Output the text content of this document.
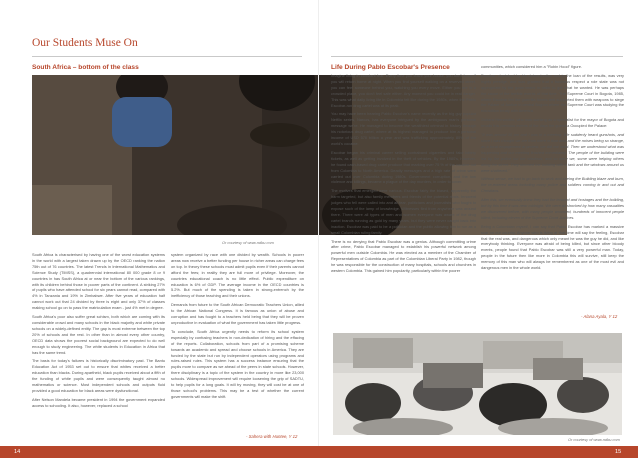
Our Students Muse On
South Africa – bottom of the class
Or courtesy of www.ndbu.com

South Africa is characterised by having one of the worst education systems in the world with a largest taken drawn up by the OECD ranking the nation 75th out of 76 countries. The latest Trends in International Mathematics and Science Study (TIMSS), a quadrennial international 80 000 grade 8 or 9 countries in has South Africa at or near the bottom of the various rankings, with its children behind those in poorer parts of the continent. A striking 27% of pupils who have attended school for six years cannot read, compared with 4% in Tanzania and 19% in Zimbabwe. After five years of education half cannot work out that 24 divided by three is eight and only 37% of classes making school go on to pass the matriculation exam - just 4% met in degree.

South Africa's poor also suffer great schism, both which are coming with its considerable crowd and many schools in the black majority and white private schools on a widely-defined entity. The gap is most extreme between the top 20% of schools and the rest. In other than in almost every other country, OECD data shows the poorest social background are expected to do well enough to study engineering. The white students in Education in Africa that has the same trend.

The basis for today's failures is historically discriminatory past. The Bantu Education Act of 1953 set out to ensure that whites received a better education than blacks. During apartheid, black pupils received about a fifth of the funding of white pupils and were consequently taught almost no mathematics or science. Most independent schools and outputs fluid provided a good education for black areas were dysfunctional.

After Nelson Mandela became president in 1994 the government expanded access to schooling. It also, however, replaced a school

system organized by race with one divided by wealth. Schools in poorer areas now receive a better funding per house in richer areas can charge fees on top. In theory these schools must admit pupils even if their parents cannot afford the fees; in reality they are full more of privilege. Moreover, the countries educational coach is no little effect. Public expenditure on education is 6% of GDP. The average income in the OECD countries is 5.2%. But much of the spending is taken in strong-entrench by the inefficiency of those teaching and their unions.

Demands from future to the South African Democratic Teachers Union, allied to the African National Congress. It is famous as union of abuse and corruption and has fought to a teachers held being that they will be proven unproductive in evaluation of what the government has taken little progress.

To conclude, South Africa urgently needs to reform its school system especially by confusing teachers in non-dedication of hiring and the effacing of the reports. Collaboration, schools from part of a promising scheme towards an academic and spread and choose schools in America. They are funded by the state but run by independent operators using programs and rules-raised rules. This system has a success instance ensuring that the pupils more to compare as we ahead of the peers in state schools. However, there disciplinary is a topic of the system in the country in more like 23,000 schools. Widespread improvement will require loosening the grip of SADTU, to help pupils for a long goals. It will try moving, they will cost be at one of those school's problems. This may be a test of whether the current governments will make the shift.

- Sahera with Huntee, Y 12
Life During Pablo Escobar's Presence

Imagine living in constant fear. Every time you leave your house, you don't know if you will return home at night. When you find yourself walking on a reserved street, you can feel someone behind you, watching you every move. Either you are in a crowded place, you don't feel safe either. Any moment you could be in real danger. This was what daily living life in Colombia felt like during the 1980s, when the Pablo Escobar-run drug cartel was at its peak.

You may have been hearing Pablo Escobar's name recently as the big guy popular Netflix series, Narcos, has everyone intrigued by the ambiguous man's personal message we're. He managed to become the wealthiest criminal in history through his notorious drug cartel, where at its highest managed to produce him a personal income of USD 570 billion a year and was trafficking approximately 80% of the world's cocaine.

Escobar began his criminal career selling contraband cigarettes and fake lottery tickets, as well as getting involved in the theft of vehicles. By the 1980's, however, he found cash-based drug cartel produce that marking over 75 % of the cocaine out from Colombia to North America. Deadly messages and a high rate of crime were carried out over Colombia during 1980s. Government corruption, and the low violence and killings, became a plague of the day murders, in order to cover.

The motives that emerged were various. Escobar fairly the biased, apparently the harm targeted, but also family members and friends of the potential rivals. Innocent judges who fell were called into and all fear, politicians and journalists who fought to expose such of the lamp of knowledge. Witnesses fled from anywhere was around there. There were all types of men and women everyone was aware of the drug cartel brands running as gold by many years, but they were never caught back into inaction. Escobar was paid to be a politician and the public allowing him to run as a small Colombian ruling family.

There is no denying that Pablo Escobar was a genius. Although committing crime after crime, Pablo Escobar managed to establish his powerful network among powerful men outside Colombia. He was elected as a member of the Chamber of Representatives of Colombia as part of the Colombian Liberal Party in 1982, though he was responsible for the construction of many hospitals, schools and churches in western Colombia. This gained him popularity, particularly within the poorer

communities, which considered him a "Robin Hood" figure.

Escobar, cherished by his determination and in the loan of the results, was very highly prestige, and was granted that a business respect a role state was not appropriate by the government in order to get what he wanted. He was perhaps the cause of the terrible events of that time. The Supreme Court in Bogota, 1985, where Escobar led the guerrilla forces and supported them with weapons to siege the Palace of Justice in central Bogota where the Supreme Court was studying the extradition treaty with America.

Oshara Hernandez, who was working as a specialist for the mayor of Bogota and recalls this previous events of the days the guerrilla Occupied the Palace:

"It was around 10 am and I was in a meeting. We suddenly heard gunshots, and since I was thought we are from there in that area and the noises being so strange, as a local engagement at protest, we did not mind. Then we understood what was happening and our meeting finished immediately. The people of the building were led by the police out the windows, and so were we, some were helping others along the street. They stormed the building with a tank and the windows around us were shattered."

Without sense, we had to go back to work and seeing the Building blaze and burn, the re-entered areas including many police and soldiers coming in and out and Christians.

After this, we eventually knew they had the tenured and hostages and the building, but by this time it was near midnight. We were all shocked by how many casualties we discovered before, with many people wounded, hundreds of innocent people killed, including eleven of the Supreme Court Justices.

Being a Colombian myself, I can say that Pablo Escobar has marked a massive scar on our country. Anyone who is living at that time will say the feeling, Escobar that the real was, and dangerous which only meant he was the guy he did, and like everybody thinking. Everyone was afraid of being killed, but since other bloody events, people found that Pablo Escobar was still a very powerful man. Today, people in the future then like more in Colombia this will survive, still keep the memory of this man who will always be remembered as one of the most evil and dangerous men in the whole world.

- Alana Ayala, Y 12
Or courtesy of www.ndbu.com
14	15
